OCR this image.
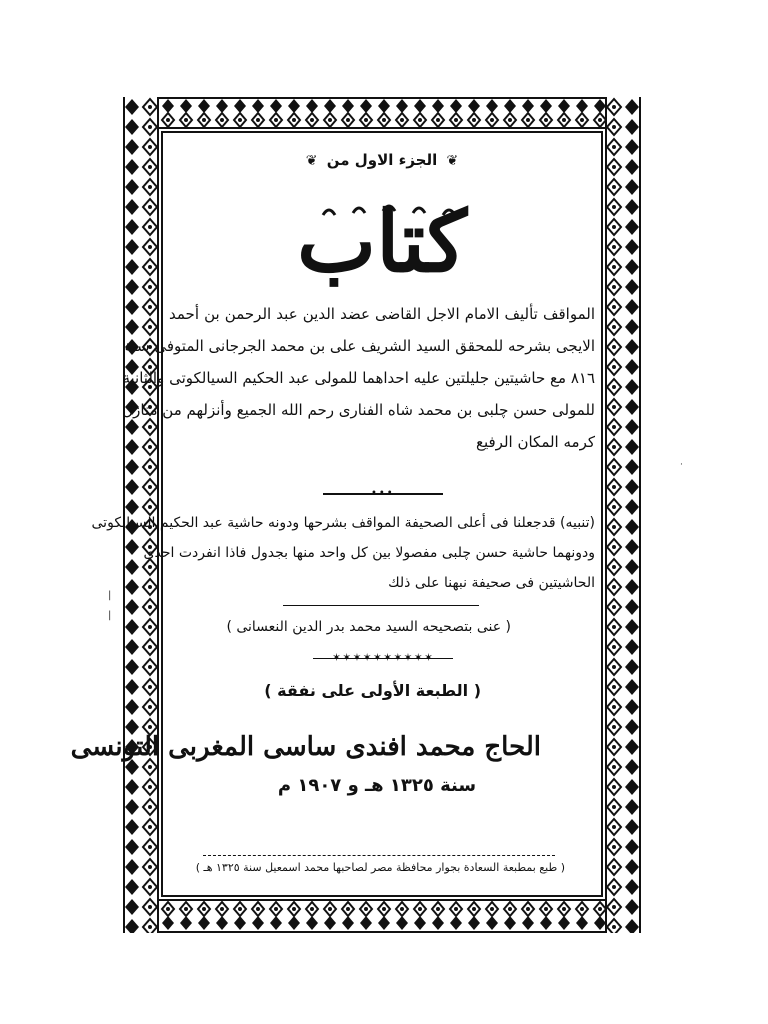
❦ الجزء الاول من ❦
كتاب
المواقف تأليف الامام الاجل القاضى عضد الدين عبد الرحمن بن أحمد
الايجى بشرحه للمحقق السيد الشريف على بن محمد الجرجانى المتوفى سنة
٨١٦ مع حاشيتين جليلتين عليه احداهما للمولى عبد الحكيم السيالكوتى والثانية
للمولى حسن چلبى بن محمد شاه الفنارى رحم الله الجميع وأنزلهم من منازل
كرمه المكان الرفيع
•••
(تنبيه) قدجعلنا فى أعلى الصحيفة المواقف بشرحها ودونه حاشية عبد الحكيم السيالكوتى
ودونهما حاشية حسن چلبى مفصولا بين كل واحد منها بجدول فاذا انفردت احدى
الحاشيتين فى صحيفة نبهنا على ذلك
( عنى بتصحيحه السيد محمد بدر الدين النعسانى )
✶✶✶✶✶✶✶✶✶✶
( الطبعة الأولى على نفقة )
الحاج محمد افندى ساسى المغربى التونسى
سنة ١٣٢٥ هـ و ١٩٠٧ م
( طبع بمطبعة السعادة بجوار محافظة مصر لصاحبها محمد اسمعيل سنة ١٣٢٥ هـ )
|
|
·
